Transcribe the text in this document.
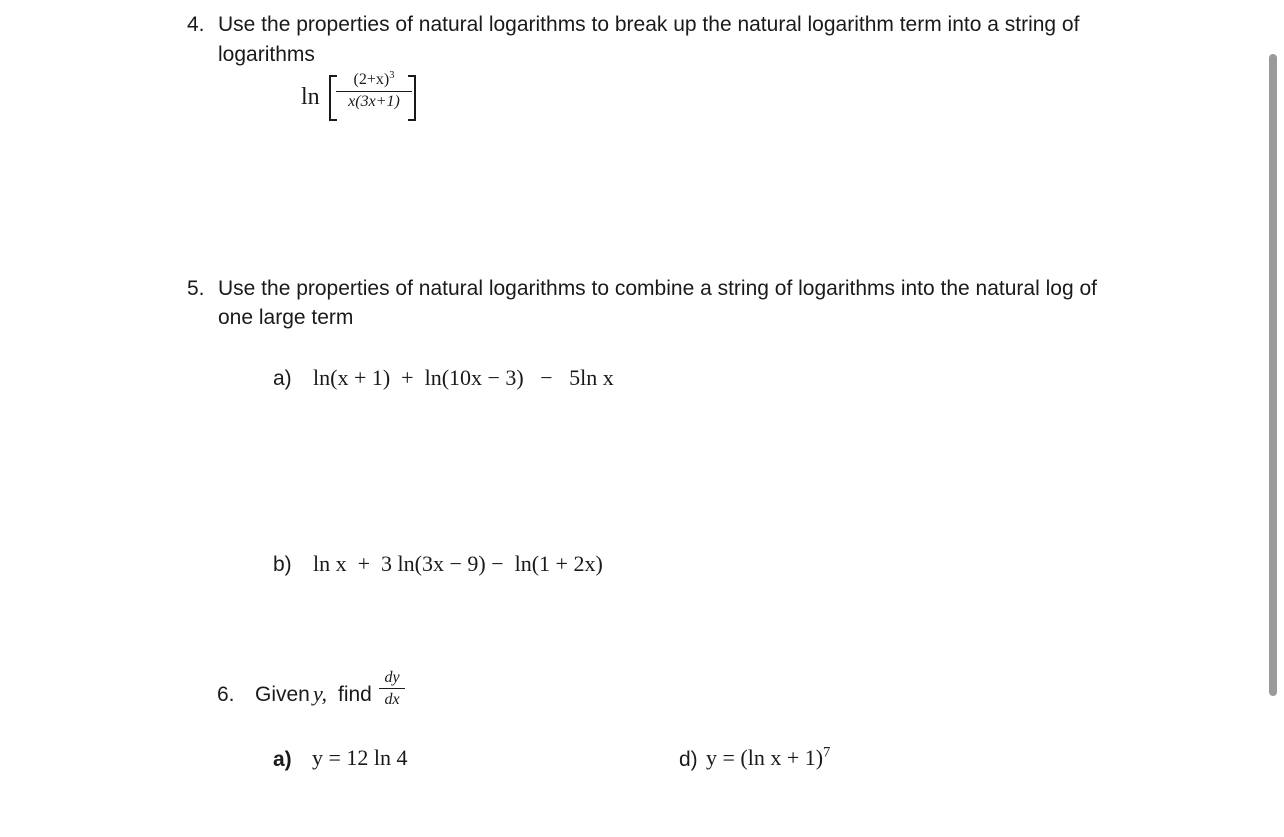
4. Use the properties of natural logarithms to break up the natural logarithm term into a string of
logarithms
ln
$(2+x)^3$
x(3x+1)
5. Use the properties of natural logarithms to combine a string of logarithms into the natural log of
one large term
a) ln(x + 1)  +  ln(10x − 3)   −   5ln x
b) ln x  +  3 ln(3x − 9) −  ln(1 + 2x)
6. Given y, find
dy
dx
a) y = 12 ln 4	d) y = (ln x + 1)$^7$
